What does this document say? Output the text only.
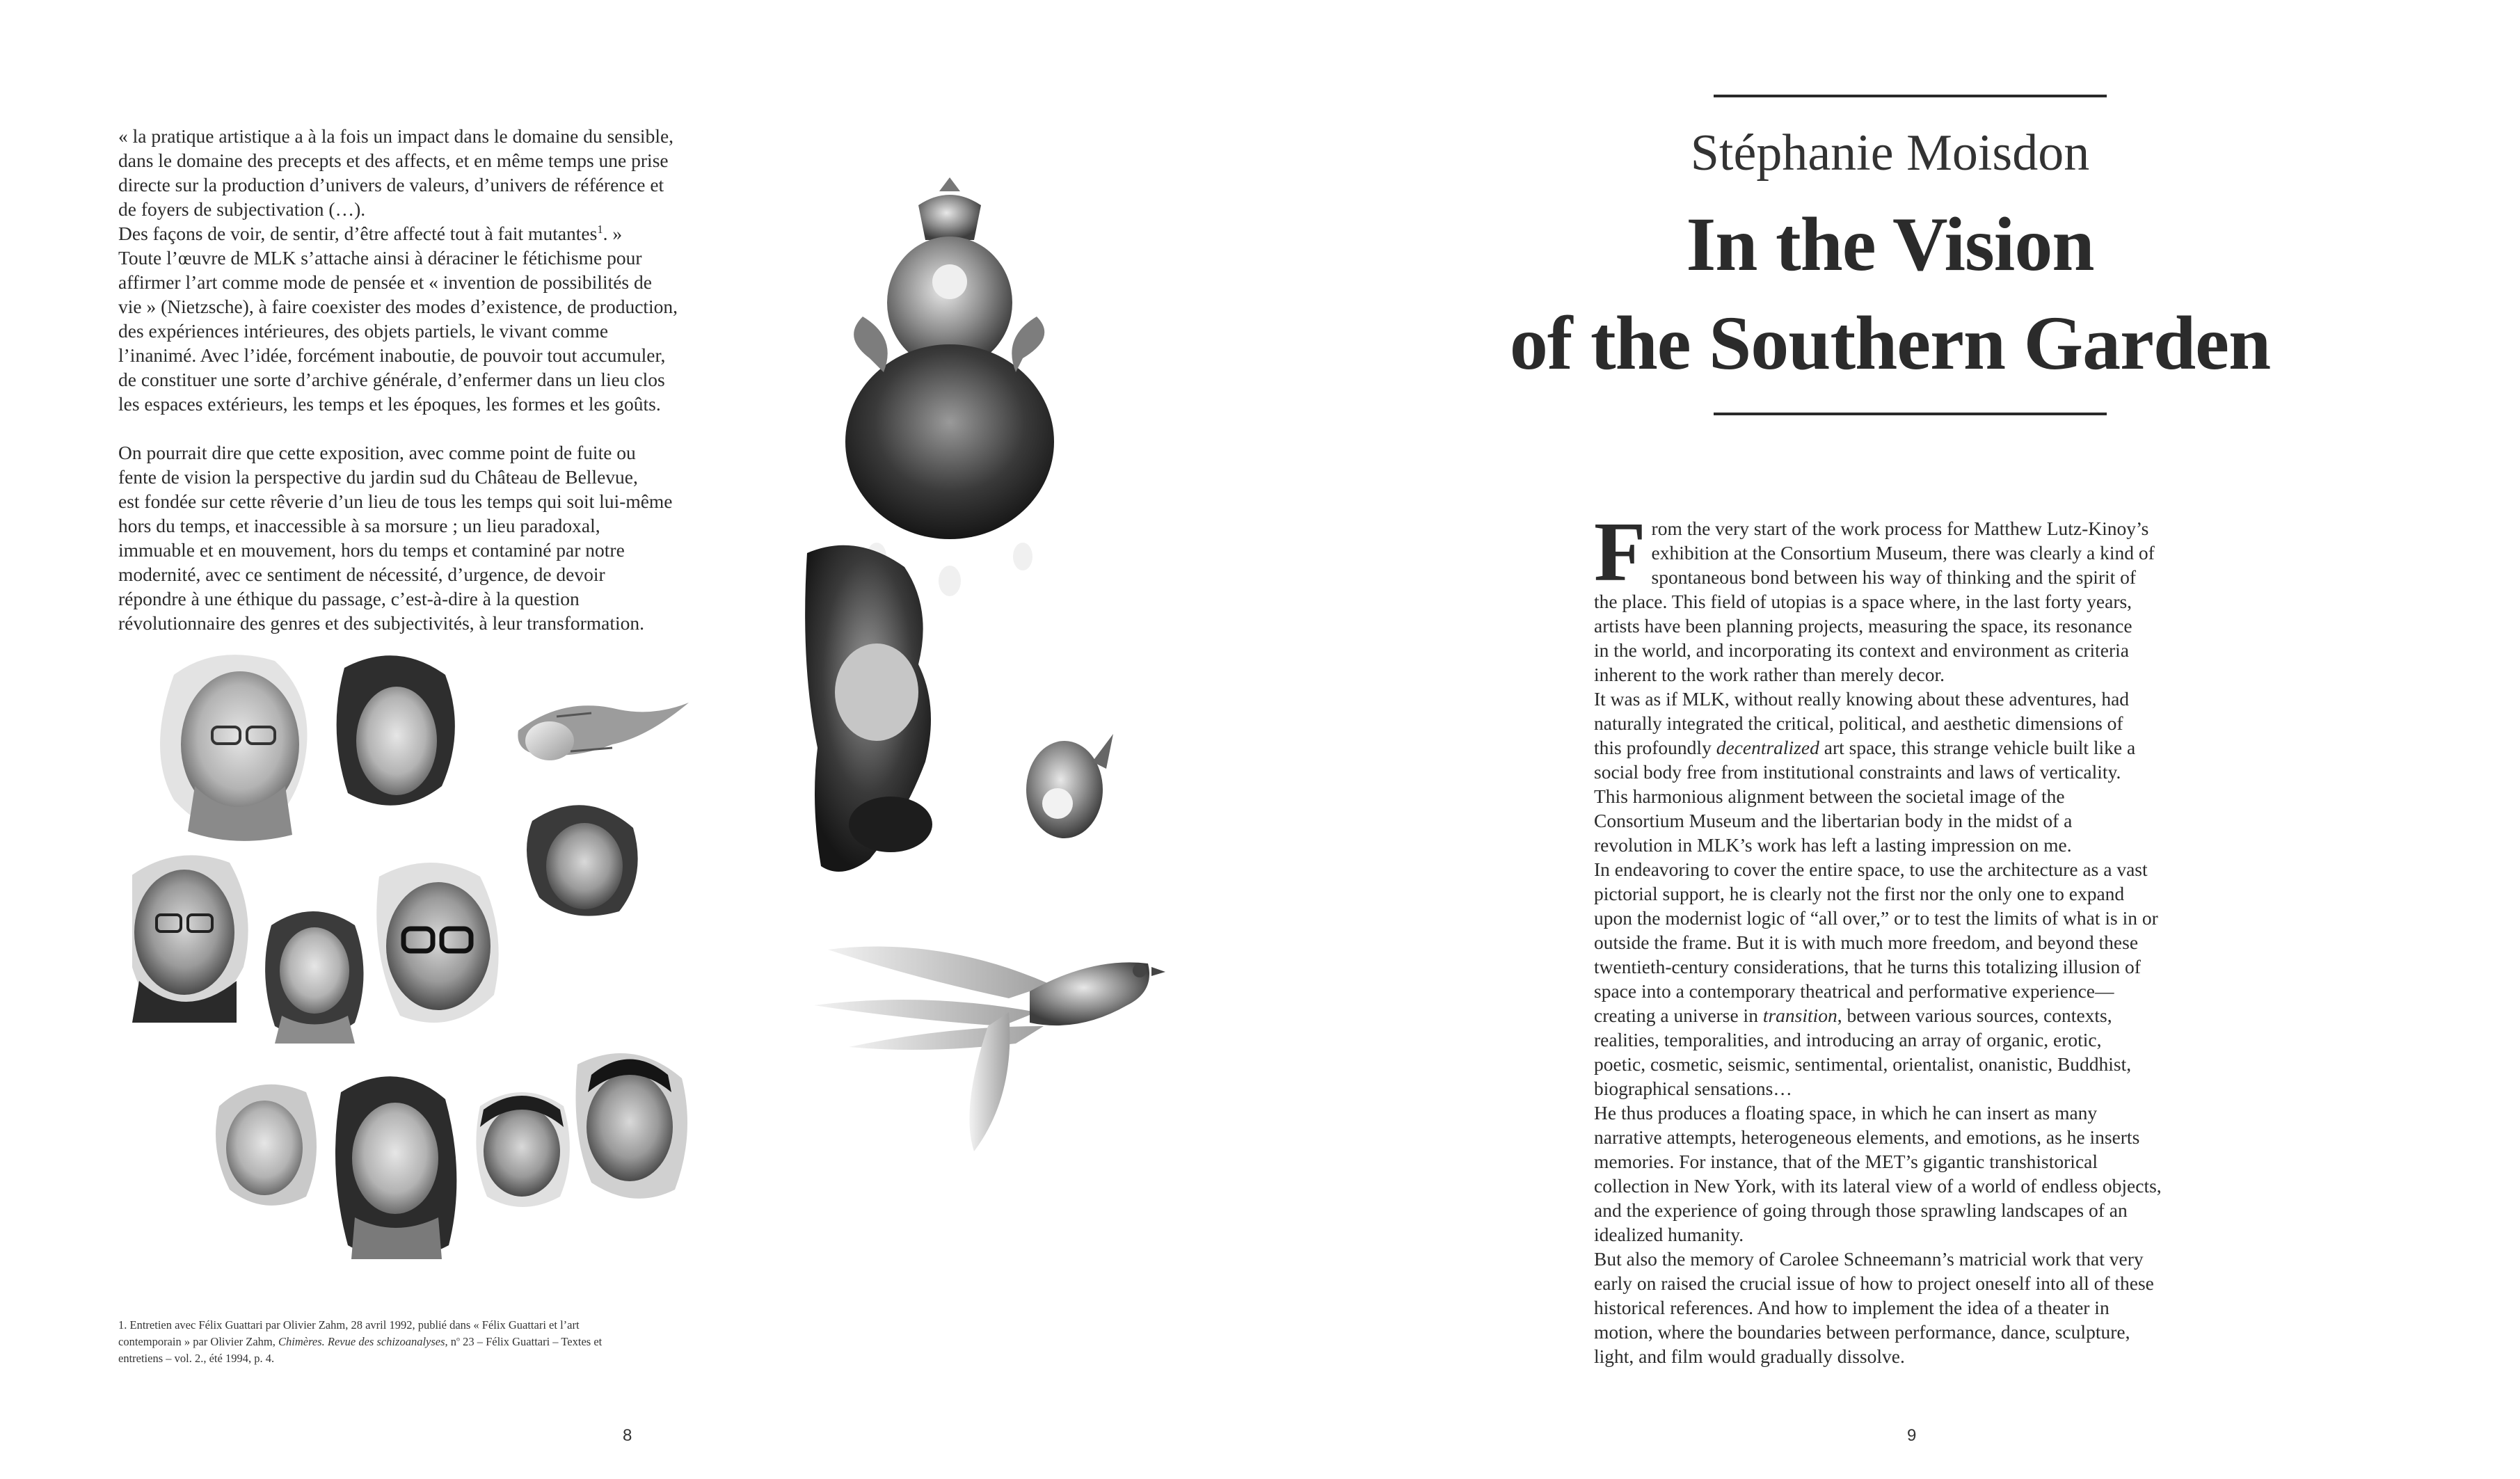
« la pratique artistique a à la fois un impact dans le domaine du sensible,

dans le domaine des precepts et des affects, et en même temps une prise

directe sur la production d’univers de valeurs, d’univers de référence et

de foyers de subjectivation (…).

Des façons de voir, de sentir, d’être affecté tout à fait mutantes$^1$. »

Toute l’œuvre de MLK s’attache ainsi à déraciner le fétichisme pour

affirmer l’art comme mode de pensée et « invention de possibilités de

vie » (Nietzsche), à faire coexister des modes d’existence, de production,

des expériences intérieures, des objets partiels, le vivant comme

l’inanimé. Avec l’idée, forcément inaboutie, de pouvoir tout accumuler,

de constituer une sorte d’archive générale, d’enfermer dans un lieu clos

les espaces extérieurs, les temps et les époques, les formes et les goûts.

On pourrait dire que cette exposition, avec comme point de fuite ou

fente de vision la perspective du jardin sud du Château de Bellevue,

est fondée sur cette rêverie d’un lieu de tous les temps qui soit lui-même

hors du temps, et inaccessible à sa morsure ; un lieu paradoxal,

immuable et en mouvement, hors du temps et contaminé par notre

modernité, avec ce sentiment de nécessité, d’urgence, de devoir

répondre à une éthique du passage, c’est-à-dire à la question

révolutionnaire des genres et des subjectivités, à leur transformation.

1. Entretien avec Félix Guattari par Olivier Zahm, 28 avril 1992, publié dans « Félix Guattari et l’art

contemporain » par Olivier Zahm, Chimères. Revue des schizoanalyses, $n^o$ 23 – Félix Guattari – Textes et

entretiens – vol. 2., été 1994, p. 4.

8
Stéphanie Moisdon
In the Vision
of the Southern Garden
F rom the very start of the work process for Matthew Lutz-Kinoy’s

exhibition at the Consortium Museum, there was clearly a kind of

spontaneous bond between his way of thinking and the spirit of

the place. This field of utopias is a space where, in the last forty years,

artists have been planning projects, measuring the space, its resonance

in the world, and incorporating its context and environment as criteria

inherent to the work rather than merely decor.

It was as if MLK, without really knowing about these adventures, had

naturally integrated the critical, political, and aesthetic dimensions of

this profoundly decentralized art space, this strange vehicle built like a

social body free from institutional constraints and laws of verticality.

This harmonious alignment between the societal image of the

Consortium Museum and the libertarian body in the midst of a

revolution in MLK’s work has left a lasting impression on me.

In endeavoring to cover the entire space, to use the architecture as a vast

pictorial support, he is clearly not the first nor the only one to expand

upon the modernist logic of “all over,” or to test the limits of what is in or

outside the frame. But it is with much more freedom, and beyond these

twentieth-century considerations, that he turns this totalizing illusion of

space into a contemporary theatrical and performative experience—

creating a universe in transition, between various sources, contexts,

realities, temporalities, and introducing an array of organic, erotic,

poetic, cosmetic, seismic, sentimental, orientalist, onanistic, Buddhist,

biographical sensations…

He thus produces a floating space, in which he can insert as many

narrative attempts, heterogeneous elements, and emotions, as he inserts

memories. For instance, that of the MET’s gigantic transhistorical

collection in New York, with its lateral view of a world of endless objects,

and the experience of going through those sprawling landscapes of an

idealized humanity.

But also the memory of Carolee Schneemann’s matricial work that very

early on raised the crucial issue of how to project oneself into all of these

historical references. And how to implement the idea of a theater in

motion, where the boundaries between performance, dance, sculpture,

light, and film would gradually dissolve.

9
